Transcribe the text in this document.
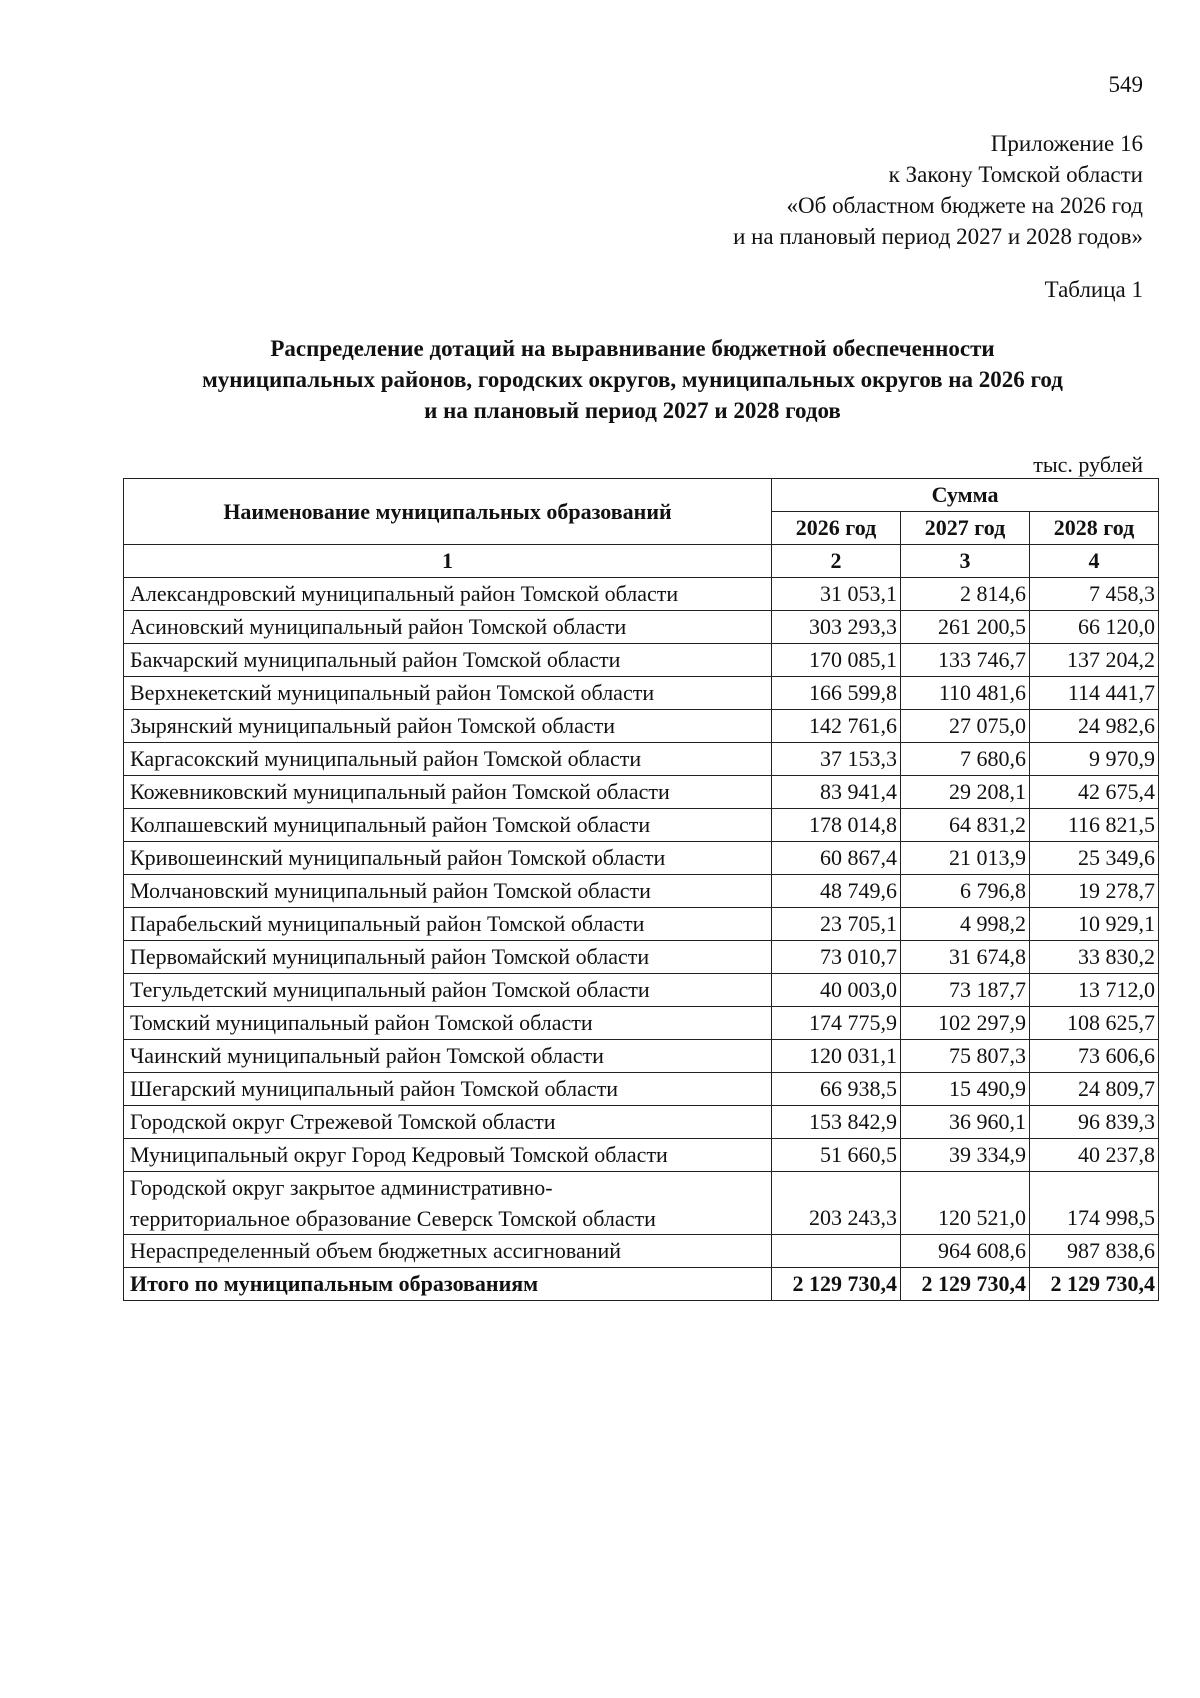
549
Приложение 16
к Закону Томской области
«Об областном бюджете на 2026 год
и на плановый период 2027 и 2028 годов»
Таблица 1
Распределение дотаций на выравнивание бюджетной обеспеченности
муниципальных районов, городских округов, муниципальных округов на 2026 год
и на плановый период 2027 и 2028 годов
тыс. рублей
Наименование муниципальных образований	Сумма		
	2026 год	2027 год	2028 год
1	2	3	4
Александровский муниципальный район Томской области	31 053,1	2 814,6	7 458,3
Асиновский муниципальный район Томской области	303 293,3	261 200,5	66 120,0
Бакчарский муниципальный район Томской области	170 085,1	133 746,7	137 204,2
Верхнекетский муниципальный район Томской области	166 599,8	110 481,6	114 441,7
Зырянский муниципальный район Томской области	142 761,6	27 075,0	24 982,6
Каргасокский муниципальный район Томской области	37 153,3	7 680,6	9 970,9
Кожевниковский муниципальный район Томской области	83 941,4	29 208,1	42 675,4
Колпашевский муниципальный район Томской области	178 014,8	64 831,2	116 821,5
Кривошеинский муниципальный район Томской области	60 867,4	21 013,9	25 349,6
Молчановский муниципальный район Томской области	48 749,6	6 796,8	19 278,7
Парабельский муниципальный район Томской области	23 705,1	4 998,2	10 929,1
Первомайский муниципальный район Томской области	73 010,7	31 674,8	33 830,2
Тегульдетский муниципальный район Томской области	40 003,0	73 187,7	13 712,0
Томский муниципальный район Томской области	174 775,9	102 297,9	108 625,7
Чаинский муниципальный район Томской области	120 031,1	75 807,3	73 606,6
Шегарский муниципальный район Томской области	66 938,5	15 490,9	24 809,7
Городской округ Стрежевой Томской области	153 842,9	36 960,1	96 839,3
Муниципальный округ Город Кедровый Томской области	51 660,5	39 334,9	40 237,8

Городской округ закрытое административно-
территориальное образование Северск Томской области	203 243,3	120 521,0	174 998,5
Нераспределенный объем бюджетных ассигнований		964 608,6	987 838,6
Итого по муниципальным образованиям	2 129 730,4	2 129 730,4	2 129 730,4
